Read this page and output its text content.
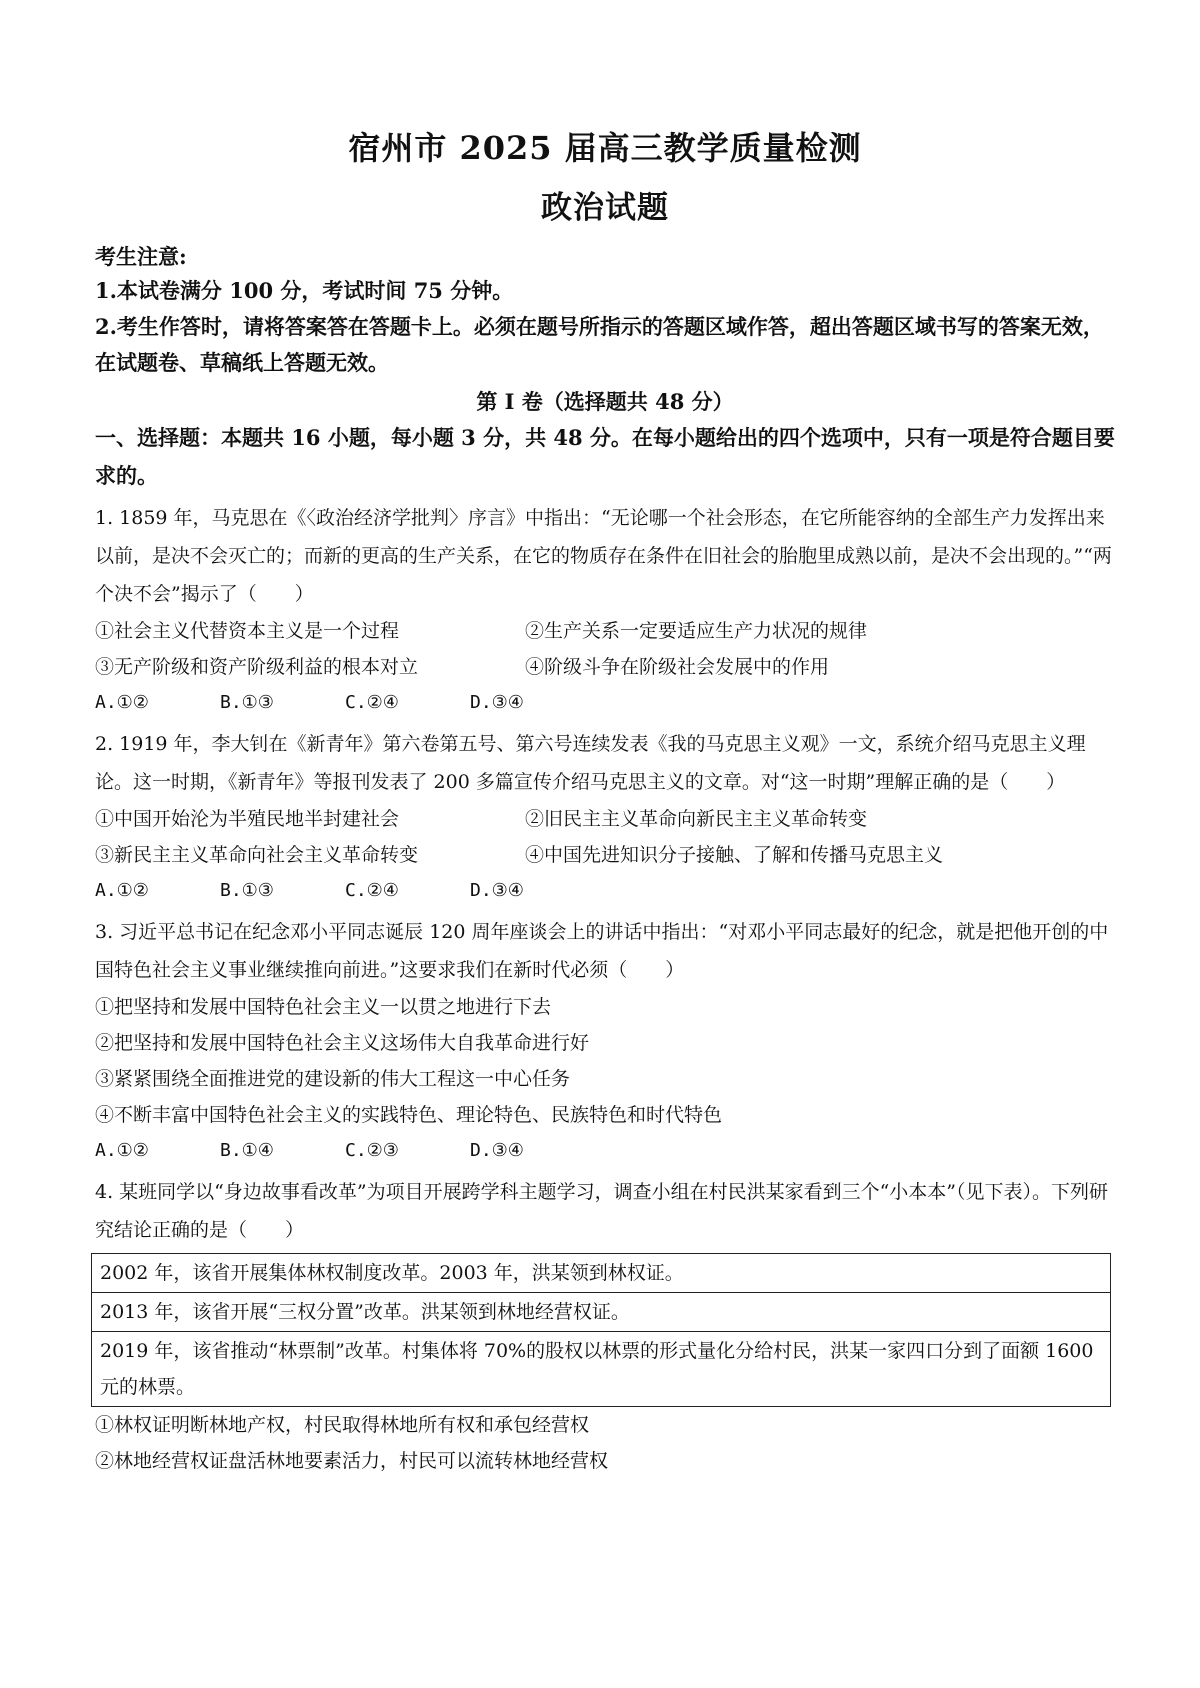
宿州市 2025 届高三教学质量检测
政治试题
考生注意:
1.本试卷满分 100 分，考试时间 75 分钟。
2.考生作答时，请将答案答在答题卡上。必须在题号所指示的答题区域作答，超出答题区域书写的答案无效，在试题卷、草稿纸上答题无效。
第 I 卷（选择题共 48 分）
一、选择题：本题共 16 小题，每小题 3 分，共 48 分。在每小题给出的四个选项中，只有一项是符合题目要求的。
1. 1859 年，马克思在《〈政治经济学批判〉序言》中指出：“无论哪一个社会形态，在它所能容纳的全部生产力发挥出来以前，是决不会灭亡的；而新的更高的生产关系，在它的物质存在条件在旧社会的胎胞里成熟以前，是决不会出现的。”“两个决不会”揭示了（　　）
①社会主义代替资本主义是一个过程	②生产关系一定要适应生产力状况的规律
③无产阶级和资产阶级利益的根本对立	④阶级斗争在阶级社会发展中的作用
A.①②	B.①③	C.②④	D.③④
2. 1919 年，李大钊在《新青年》第六卷第五号、第六号连续发表《我的马克思主义观》一文，系统介绍马克思主义理论。这一时期，《新青年》等报刊发表了 200 多篇宣传介绍马克思主义的文章。对“这一时期”理解正确的是（　　）
①中国开始沦为半殖民地半封建社会	②旧民主主义革命向新民主主义革命转变
③新民主主义革命向社会主义革命转变	④中国先进知识分子接触、了解和传播马克思主义
A.①②	B.①③	C.②④	D.③④
3. 习近平总书记在纪念邓小平同志诞辰 120 周年座谈会上的讲话中指出：“对邓小平同志最好的纪念，就是把他开创的中国特色社会主义事业继续推向前进。”这要求我们在新时代必须（　　）
①把坚持和发展中国特色社会主义一以贯之地进行下去
②把坚持和发展中国特色社会主义这场伟大自我革命进行好
③紧紧围绕全面推进党的建设新的伟大工程这一中心任务
④不断丰富中国特色社会主义的实践特色、理论特色、民族特色和时代特色
A.①②	B.①④	C.②③	D.③④
4. 某班同学以“身边故事看改革”为项目开展跨学科主题学习，调查小组在村民洪某家看到三个“小本本”（见下表）。下列研究结论正确的是（　　）
2002 年，该省开展集体林权制度改革。2003 年，洪某领到林权证。
2013 年，该省开展“三权分置”改革。洪某领到林地经营权证。
2019 年，该省推动“林票制”改革。村集体将 70%的股权以林票的形式量化分给村民，洪某一家四口分到了面额 1600 元的林票。
①林权证明断林地产权，村民取得林地所有权和承包经营权
②林地经营权证盘活林地要素活力，村民可以流转林地经营权
